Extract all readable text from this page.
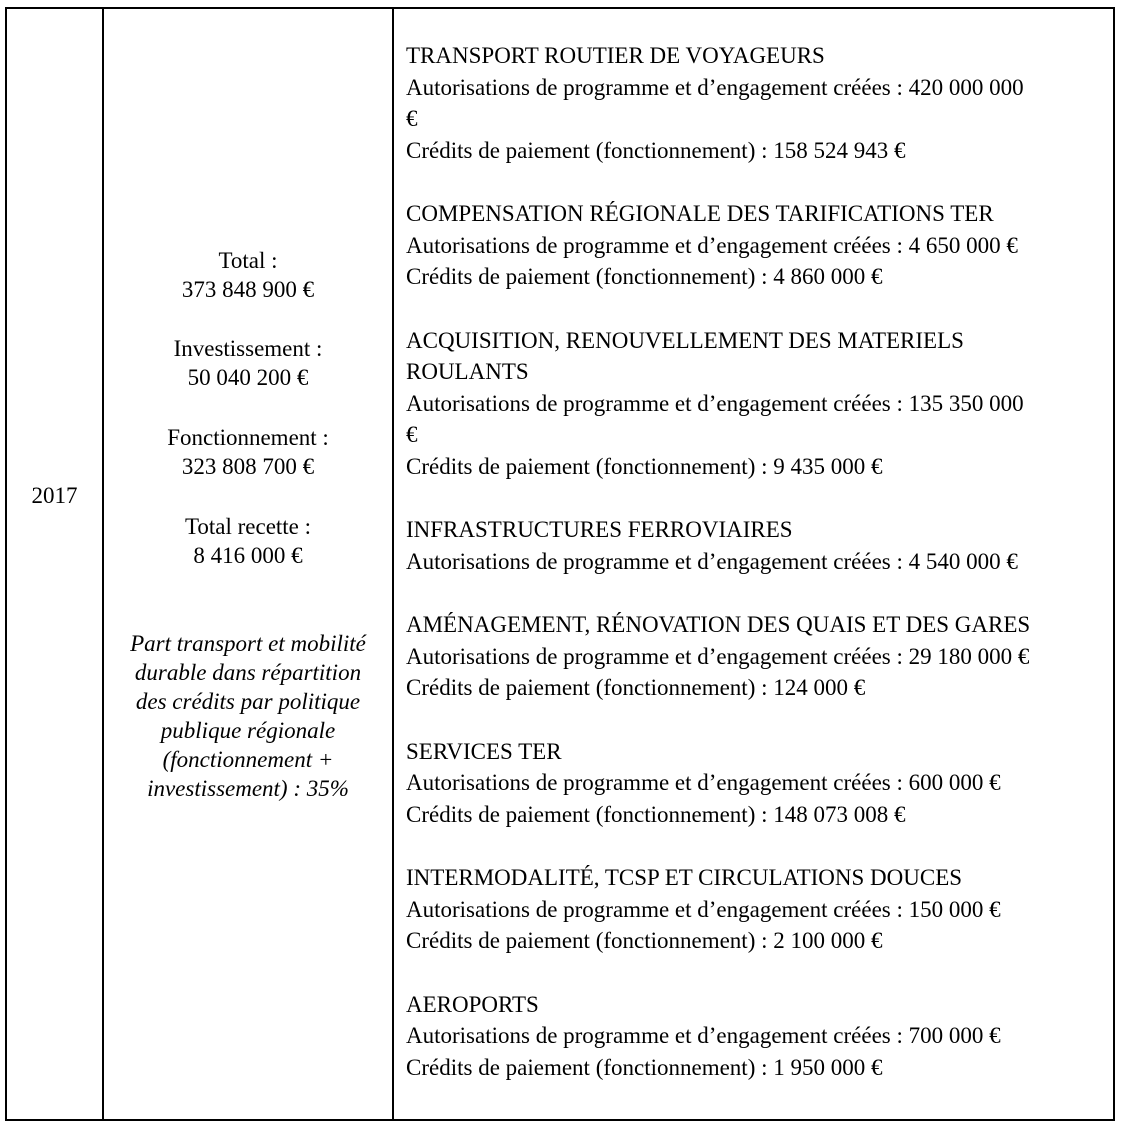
2017
Total :
373 848 900 €
Investissement :
50 040 200 €
Fonctionnement :
323 808 700 €
Total recette :
8 416 000 €
Part transport et mobilité
durable dans répartition
des crédits par politique
publique régionale
(fonctionnement +
investissement) : 35%
TRANSPORT ROUTIER DE VOYAGEURS
Autorisations de programme et d’engagement créées : 420 000 000
€
Crédits de paiement (fonctionnement) : 158 524 943 €
COMPENSATION RÉGIONALE DES TARIFICATIONS TER
Autorisations de programme et d’engagement créées : 4 650 000 €
Crédits de paiement (fonctionnement) : 4 860 000 €
ACQUISITION, RENOUVELLEMENT DES MATERIELS
ROULANTS
Autorisations de programme et d’engagement créées : 135 350 000
€
Crédits de paiement (fonctionnement) : 9 435 000 €
INFRASTRUCTURES FERROVIAIRES
Autorisations de programme et d’engagement créées : 4 540 000 €
AMÉNAGEMENT, RÉNOVATION DES QUAIS ET DES GARES
Autorisations de programme et d’engagement créées : 29 180 000 €
Crédits de paiement (fonctionnement) : 124 000 €
SERVICES TER
Autorisations de programme et d’engagement créées : 600 000 €
Crédits de paiement (fonctionnement) : 148 073 008 €
INTERMODALITÉ, TCSP ET CIRCULATIONS DOUCES
Autorisations de programme et d’engagement créées : 150 000 €
Crédits de paiement (fonctionnement) : 2 100 000 €
AEROPORTS
Autorisations de programme et d’engagement créées : 700 000 €
Crédits de paiement (fonctionnement) : 1 950 000 €
